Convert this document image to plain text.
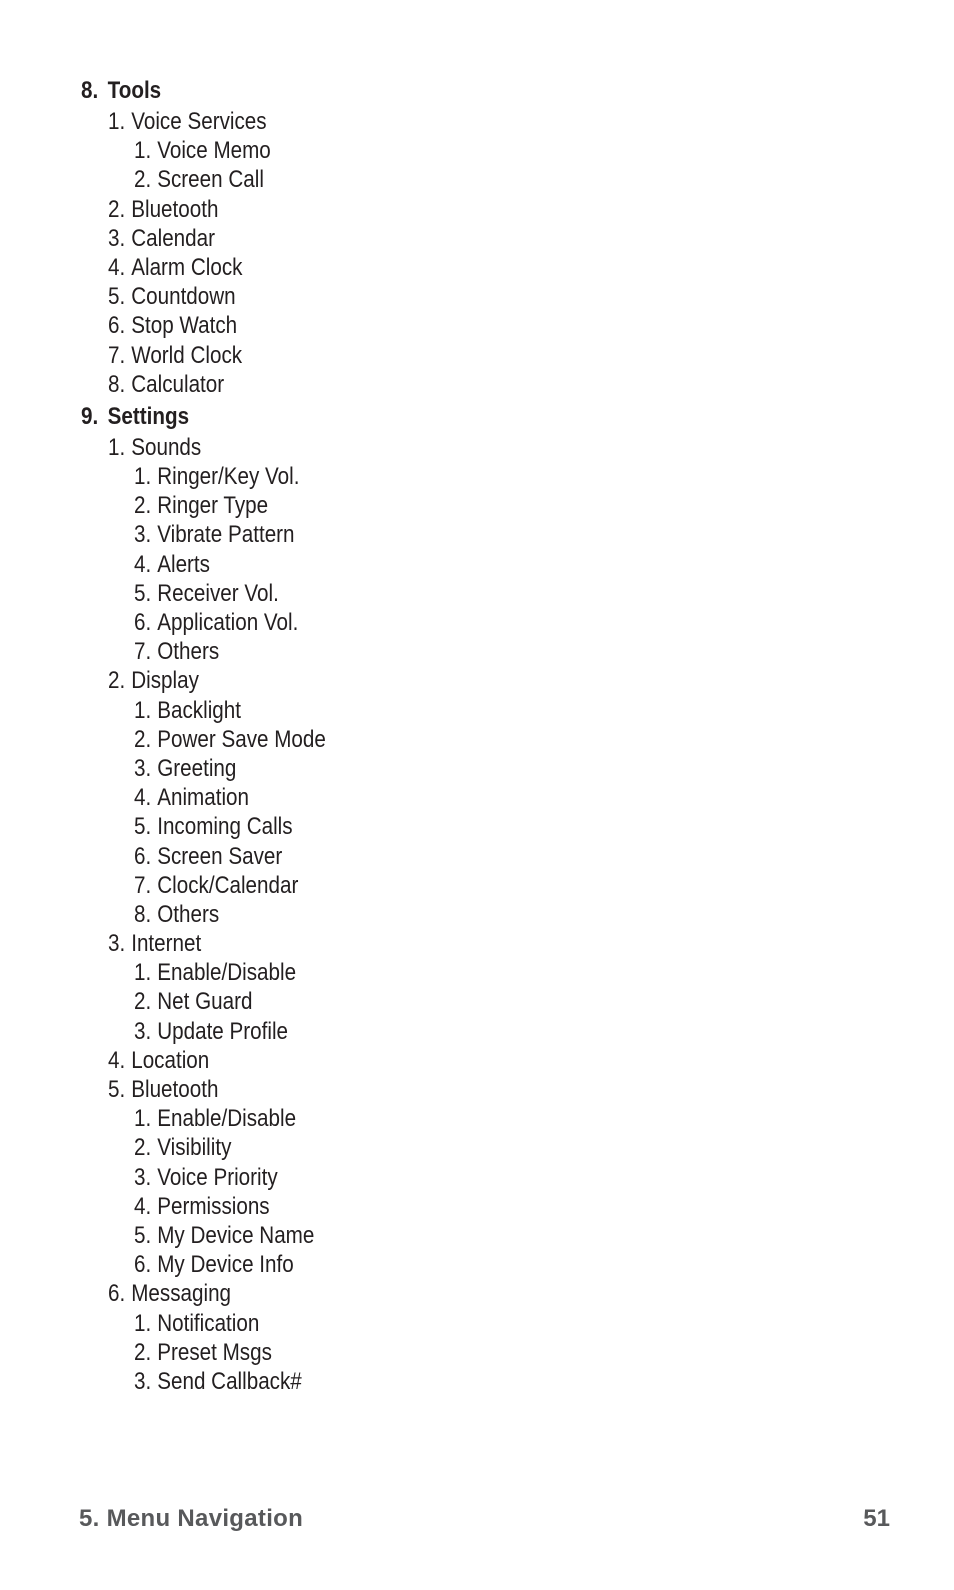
8. Tools
1. Voice Services
1. Voice Memo
2. Screen Call
2. Bluetooth
3. Calendar
4. Alarm Clock
5. Countdown
6. Stop Watch
7. World Clock
8. Calculator
9. Settings
1. Sounds
1. Ringer/Key Vol.
2. Ringer Type
3. Vibrate Pattern
4. Alerts
5. Receiver Vol.
6. Application Vol.
7. Others
2. Display
1. Backlight
2. Power Save Mode
3. Greeting
4. Animation
5. Incoming Calls
6. Screen Saver
7. Clock/Calendar
8. Others
3. Internet
1. Enable/Disable
2. Net Guard
3. Update Profile
4. Location
5. Bluetooth
1. Enable/Disable
2. Visibility
3. Voice Priority
4. Permissions
5. My Device Name
6. My Device Info
6. Messaging
1. Notification
2. Preset Msgs
3. Send Callback#
5. Menu Navigation	51
